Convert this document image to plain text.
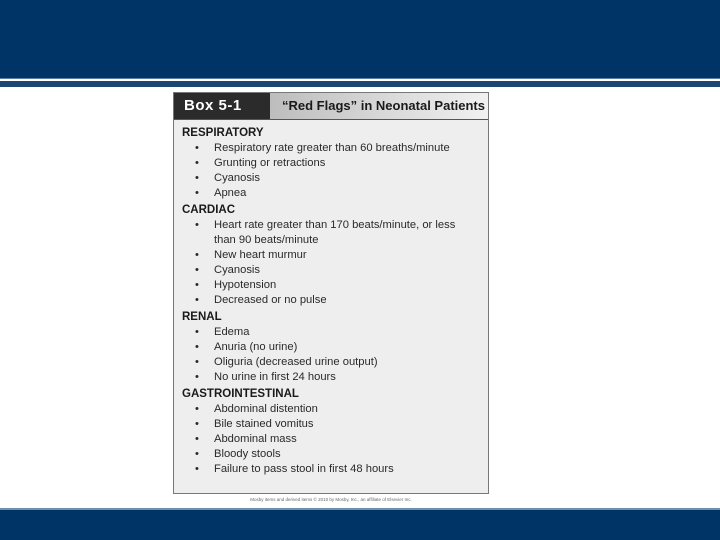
Box 5-1	“Red Flags” in Neonatal Patients
RESPIRATORY
• Respiratory rate greater than 60 breaths/minute
• Grunting or retractions
• Cyanosis
• Apnea
CARDIAC
• Heart rate greater than 170 beats/minute, or less than 90 beats/minute
• New heart murmur
• Cyanosis
• Hypotension
• Decreased or no pulse
RENAL
• Edema
• Anuria (no urine)
• Oliguria (decreased urine output)
• No urine in first 24 hours
GASTROINTESTINAL
• Abdominal distention
• Bile stained vomitus
• Abdominal mass
• Bloody stools
• Failure to pass stool in first 48 hours
Mosby items and derived items © 2010 by Mosby, Inc., an affiliate of Elsevier Inc.
